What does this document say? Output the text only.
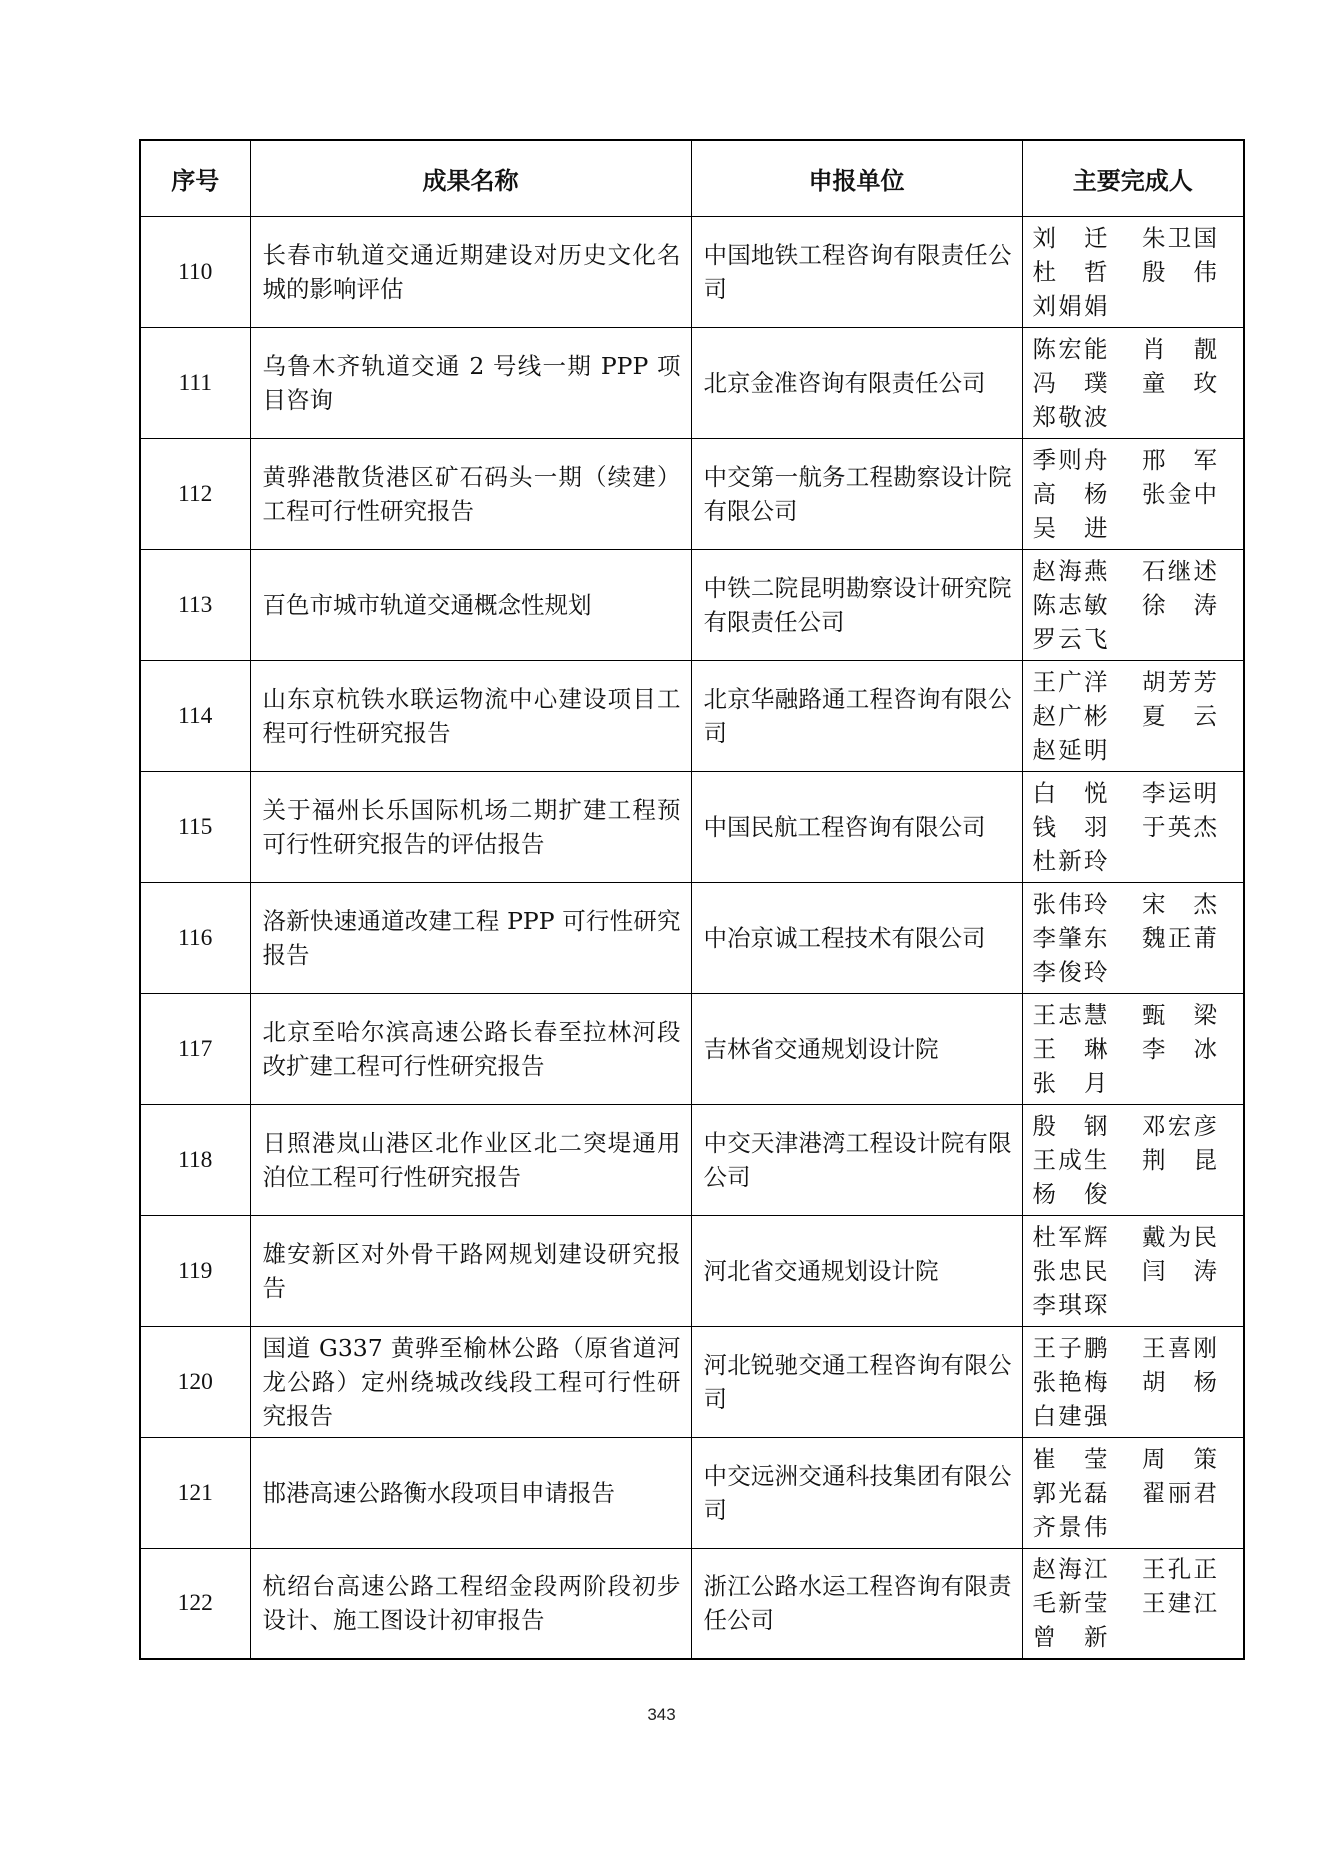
序号	成果名称	申报单位	主要完成人
110	长春市轨道交通近期建设对历史文化名城的影响评估	中国地铁工程咨询有限责任公司	刘　迁 朱卫国
杜　哲 殷　伟
刘娟娟

111	乌鲁木齐轨道交通 2 号线一期 PPP 项目咨询	北京金准咨询有限责任公司	陈宏能 肖　靓
冯　璞 童　玫
郑敬波

112	黄骅港散货港区矿石码头一期（续建）工程可行性研究报告	中交第一航务工程勘察设计院有限公司	季则舟 邢　军
高　杨 张金中
吴　进

113	百色市城市轨道交通概念性规划	中铁二院昆明勘察设计研究院有限责任公司	赵海燕 石继述
陈志敏 徐　涛
罗云飞

114	山东京杭铁水联运物流中心建设项目工程可行性研究报告	北京华融路通工程咨询有限公司	王广洋 胡芳芳
赵广彬 夏　云
赵延明

115	关于福州长乐国际机场二期扩建工程预可行性研究报告的评估报告	中国民航工程咨询有限公司	白　悦 李运明
钱　羽 于英杰
杜新玲

116	洛新快速通道改建工程 PPP 可行性研究报告	中冶京诚工程技术有限公司	张伟玲 宋　杰
李肇东 魏正莆
李俊玲

117	北京至哈尔滨高速公路长春至拉林河段改扩建工程可行性研究报告	吉林省交通规划设计院	王志慧 甄　梁
王　琳 李　冰
张　月

118	日照港岚山港区北作业区北二突堤通用泊位工程可行性研究报告	中交天津港湾工程设计院有限公司	殷　钢 邓宏彦
王成生 荆　昆
杨　俊

119	雄安新区对外骨干路网规划建设研究报告	河北省交通规划设计院	杜军辉 戴为民
张忠民 闫　涛
李琪琛

120	国道 G337 黄骅至榆林公路（原省道河龙公路）定州绕城改线段工程可行性研究报告	河北锐驰交通工程咨询有限公司	王子鹏 王喜刚
张艳梅 胡　杨
白建强

121	邯港高速公路衡水段项目申请报告	中交远洲交通科技集团有限公司	崔　莹 周　策
郭光磊 翟丽君
齐景伟

122	杭绍台高速公路工程绍金段两阶段初步设计、施工图设计初审报告	浙江公路水运工程咨询有限责任公司	赵海江 王孔正
毛新莹 王建江
曾　新
343
